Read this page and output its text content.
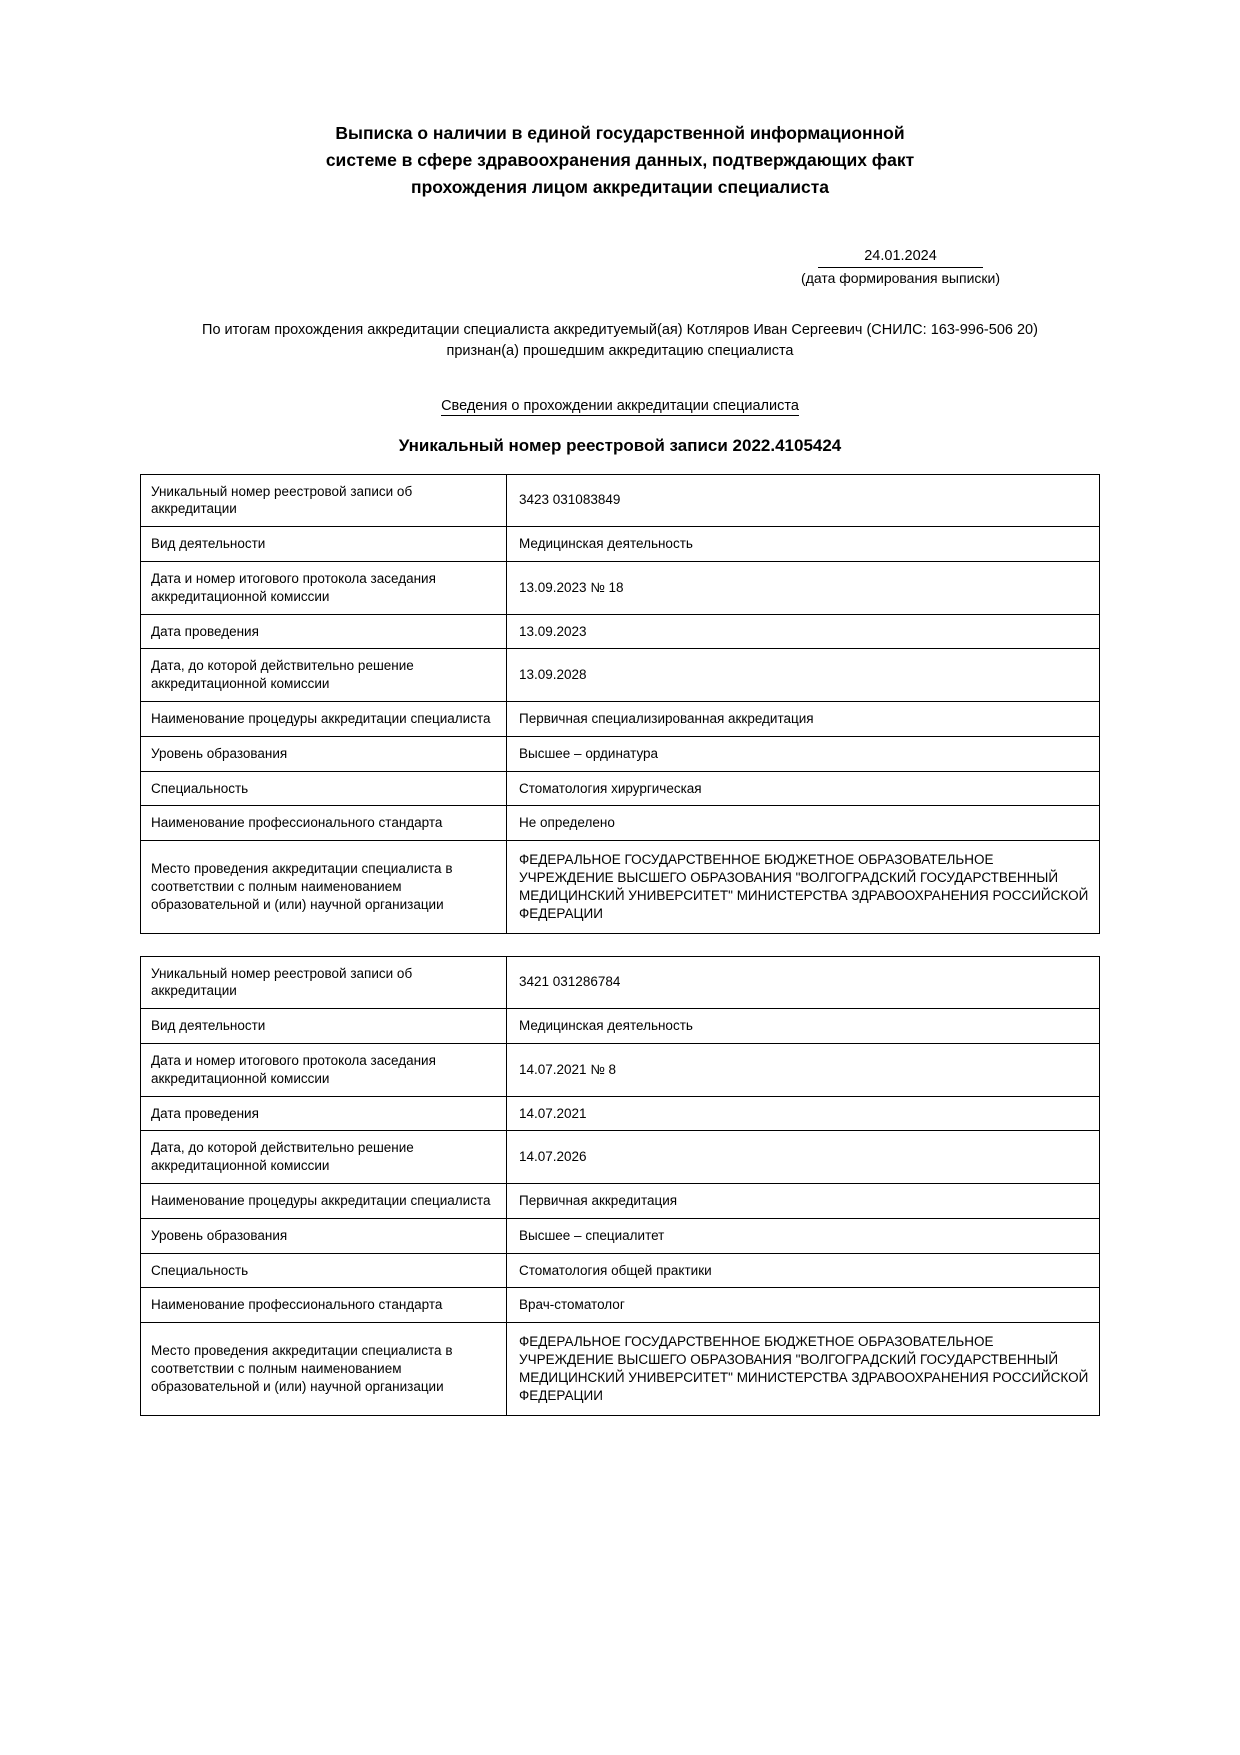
Выписка о наличии в единой государственной информационной
системе в сфере здравоохранения данных, подтверждающих факт
прохождения лицом аккредитации специалиста
24.01.2024
(дата формирования выписки)
По итогам прохождения аккредитации специалиста аккредитуемый(ая) Котляров Иван Сергеевич (СНИЛС: 163-996-506 20)
признан(а) прошедшим аккредитацию специалиста
Сведения о прохождении аккредитации специалиста
Уникальный номер реестровой записи 2022.4105424
Уникальный номер реестровой записи об аккредитации	3423 031083849
Вид деятельности	Медицинская деятельность
Дата и номер итогового протокола заседания аккредитационной комиссии	13.09.2023 № 18
Дата проведения	13.09.2023
Дата, до которой действительно решение аккредитационной комиссии	13.09.2028
Наименование процедуры аккредитации специалиста	Первичная специализированная аккредитация
Уровень образования	Высшее – ординатура
Специальность	Стоматология хирургическая
Наименование профессионального стандарта	Не определено
Место проведения аккредитации специалиста в соответствии с полным наименованием образовательной и (или) научной организации	ФЕДЕРАЛЬНОЕ ГОСУДАРСТВЕННОЕ БЮДЖЕТНОЕ ОБРАЗОВАТЕЛЬНОЕ УЧРЕЖДЕНИЕ ВЫСШЕГО ОБРАЗОВАНИЯ "ВОЛГОГРАДСКИЙ ГОСУДАРСТВЕННЫЙ МЕДИЦИНСКИЙ УНИВЕРСИТЕТ" МИНИСТЕРСТВА ЗДРАВООХРАНЕНИЯ РОССИЙСКОЙ ФЕДЕРАЦИИ
Уникальный номер реестровой записи об аккредитации	3421 031286784
Вид деятельности	Медицинская деятельность
Дата и номер итогового протокола заседания аккредитационной комиссии	14.07.2021 № 8
Дата проведения	14.07.2021
Дата, до которой действительно решение аккредитационной комиссии	14.07.2026
Наименование процедуры аккредитации специалиста	Первичная аккредитация
Уровень образования	Высшее – специалитет
Специальность	Стоматология общей практики
Наименование профессионального стандарта	Врач-стоматолог
Место проведения аккредитации специалиста в соответствии с полным наименованием образовательной и (или) научной организации	ФЕДЕРАЛЬНОЕ ГОСУДАРСТВЕННОЕ БЮДЖЕТНОЕ ОБРАЗОВАТЕЛЬНОЕ УЧРЕЖДЕНИЕ ВЫСШЕГО ОБРАЗОВАНИЯ "ВОЛГОГРАДСКИЙ ГОСУДАРСТВЕННЫЙ МЕДИЦИНСКИЙ УНИВЕРСИТЕТ" МИНИСТЕРСТВА ЗДРАВООХРАНЕНИЯ РОССИЙСКОЙ ФЕДЕРАЦИИ
